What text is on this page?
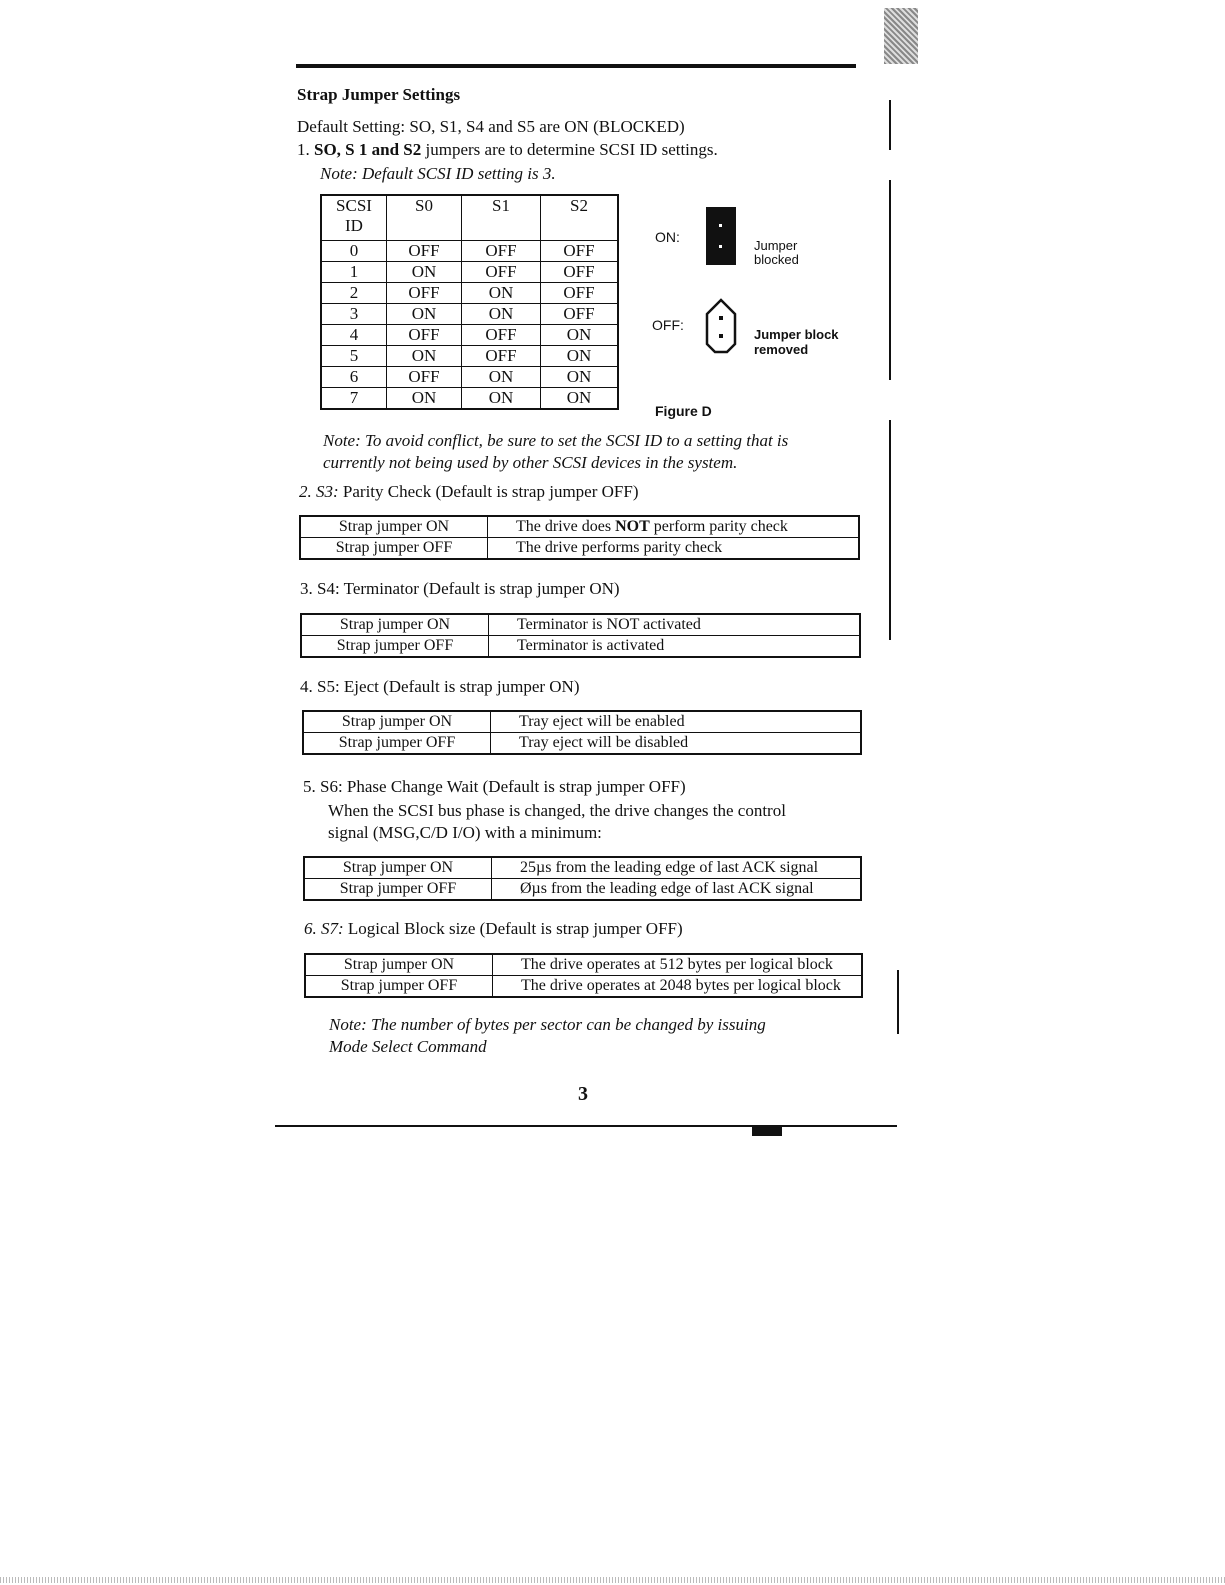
Strap Jumper Settings
Default Setting: SO, S1, S4 and S5 are ON (BLOCKED)
1. SO, S 1 and S2 jumpers are to determine SCSI ID settings.
Note: Default SCSI ID setting is 3.
SCSI ID	S0	S1	S2
0	OFF	OFF	OFF
1	ON	OFF	OFF
2	OFF	ON	OFF
3	ON	ON	OFF
4	OFF	OFF	ON
5	ON	OFF	ON
6	OFF	ON	ON
7	ON	ON	ON
ON:
Jumper
blocked
OFF:
Jumper block
removed
Figure D
Note: To avoid conflict, be sure to set the SCSI ID to a setting that is
currently not being used by other SCSI devices in the system.
2. S3: Parity Check (Default is strap jumper OFF)
Strap jumper ON	The drive does NOT perform parity check
Strap jumper OFF	The drive performs parity check
3. S4: Terminator (Default is strap jumper ON)
Strap jumper ON	Terminator is NOT activated
Strap jumper OFF	Terminator is activated
4. S5: Eject (Default is strap jumper ON)
Strap jumper ON	Tray eject will be enabled
Strap jumper OFF	Tray eject will be disabled
5. S6: Phase Change Wait (Default is strap jumper OFF)
When the SCSI bus phase is changed, the drive changes the control
signal (MSG,C/D I/O) with a minimum:
Strap jumper ON	25µs from the leading edge of last ACK signal
Strap jumper OFF	Øµs from the leading edge of last ACK signal
6. S7: Logical Block size (Default is strap jumper OFF)
Strap jumper ON	The drive operates at 512 bytes per logical block
Strap jumper OFF	The drive operates at 2048 bytes per logical block
Note: The number of bytes per sector can be changed by issuing
Mode Select Command
3
